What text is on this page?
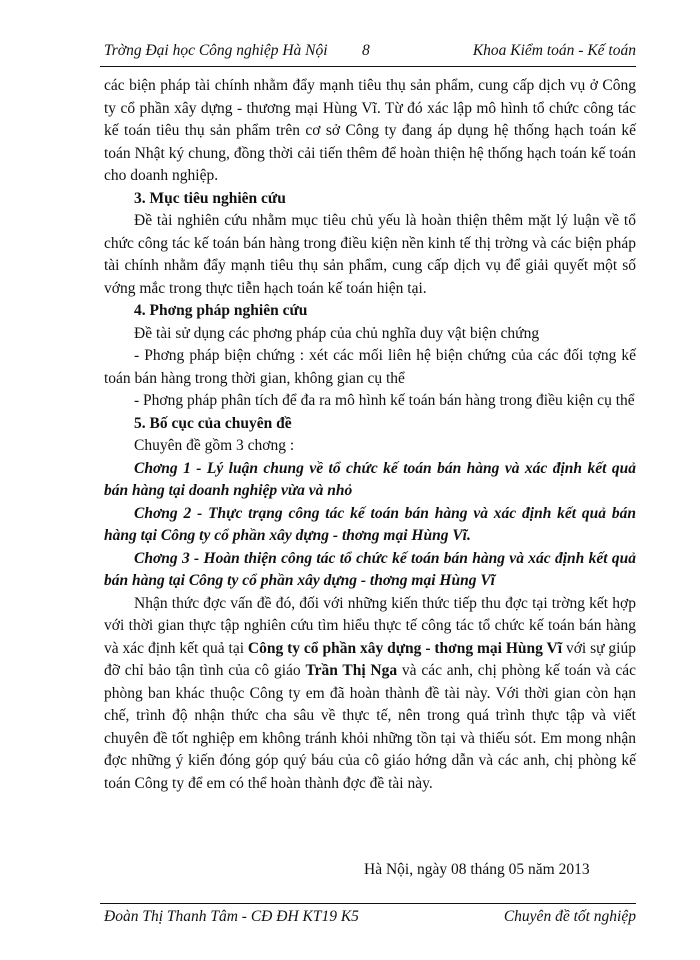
Trờng Đại học Công nghiệp Hà Nội 8	Khoa Kiểm toán - Kế toán

các biện pháp tài chính nhằm đẩy mạnh tiêu thụ sản phẩm, cung cấp dịch vụ ở Công ty cổ phần xây dựng - thương mại Hùng Vĩ. Từ đó xác lập mô hình tổ chức công tác kế toán tiêu thụ sản phẩm trên cơ sở Công ty đang áp dụng hệ thống hạch toán kế toán Nhật ký chung, đồng thời cải tiến thêm để hoàn thiện hệ thống hạch toán kế toán cho doanh nghiệp.

3. Mục tiêu nghiên cứu

Đề tài nghiên cứu nhằm mục tiêu chủ yếu là hoàn thiện thêm mặt lý luận về tổ chức công tác kế toán bán hàng trong điều kiện nền kinh tế thị trờng và các biện pháp tài chính nhằm đẩy mạnh tiêu thụ sản phẩm, cung cấp dịch vụ để giải quyết một số vớng mắc trong thực tiễn hạch toán kế toán hiện tại.

4. Phơng pháp nghiên cứu

Đề tài sử dụng các phơng pháp của chủ nghĩa duy vật biện chứng

- Phơng pháp biện chứng : xét các mối liên hệ biện chứng của các đối tợng kế toán bán hàng trong thời gian, không gian cụ thể

- Phơng pháp phân tích để đa ra mô hình kế toán bán hàng trong điều kiện cụ thể

5. Bố cục của chuyên đề

Chuyên đề gồm 3 chơng :

Chơng 1 - Lý luận chung về tổ chức kế toán bán hàng và xác định kết quả bán hàng tại doanh nghiệp vừa và nhỏ

Chơng 2 - Thực trạng công tác kế toán bán hàng và xác định kết quả bán hàng tại Công ty cổ phần xây dựng - thơng mại Hùng Vĩ.

Chơng 3 - Hoàn thiện công tác tổ chức kế toán bán hàng và xác định kết quả bán hàng tại Công ty cổ phần xây dựng - thơng mại Hùng Vĩ

Nhận thức đợc vấn đề đó, đối với những kiến thức tiếp thu đợc tại trờng kết hợp với thời gian thực tập nghiên cứu tìm hiểu thực tế công tác tổ chức kế toán bán hàng và xác định kết quả tại Công ty cổ phần xây dựng - thơng mại Hùng Vĩ với sự giúp đỡ chỉ bảo tận tình của cô giáo Trần Thị Nga và các anh, chị phòng kế toán và các phòng ban khác thuộc Công ty em đã hoàn thành đề tài này. Với thời gian còn hạn chế, trình độ nhận thức cha sâu về thực tế, nên trong quá trình thực tập và viết chuyên đề tốt nghiệp em không tránh khỏi những tồn tại và thiếu sót. Em mong nhận đợc những ý kiến đóng góp quý báu của cô giáo hớng dẫn và các anh, chị phòng kế toán Công ty để em có thể hoàn thành đợc đề tài này.

Hà Nội, ngày 08 tháng 05 năm 2013
Đoàn Thị Thanh Tâm - CĐ ĐH KT19 K5	Chuyên đề tốt nghiệp
